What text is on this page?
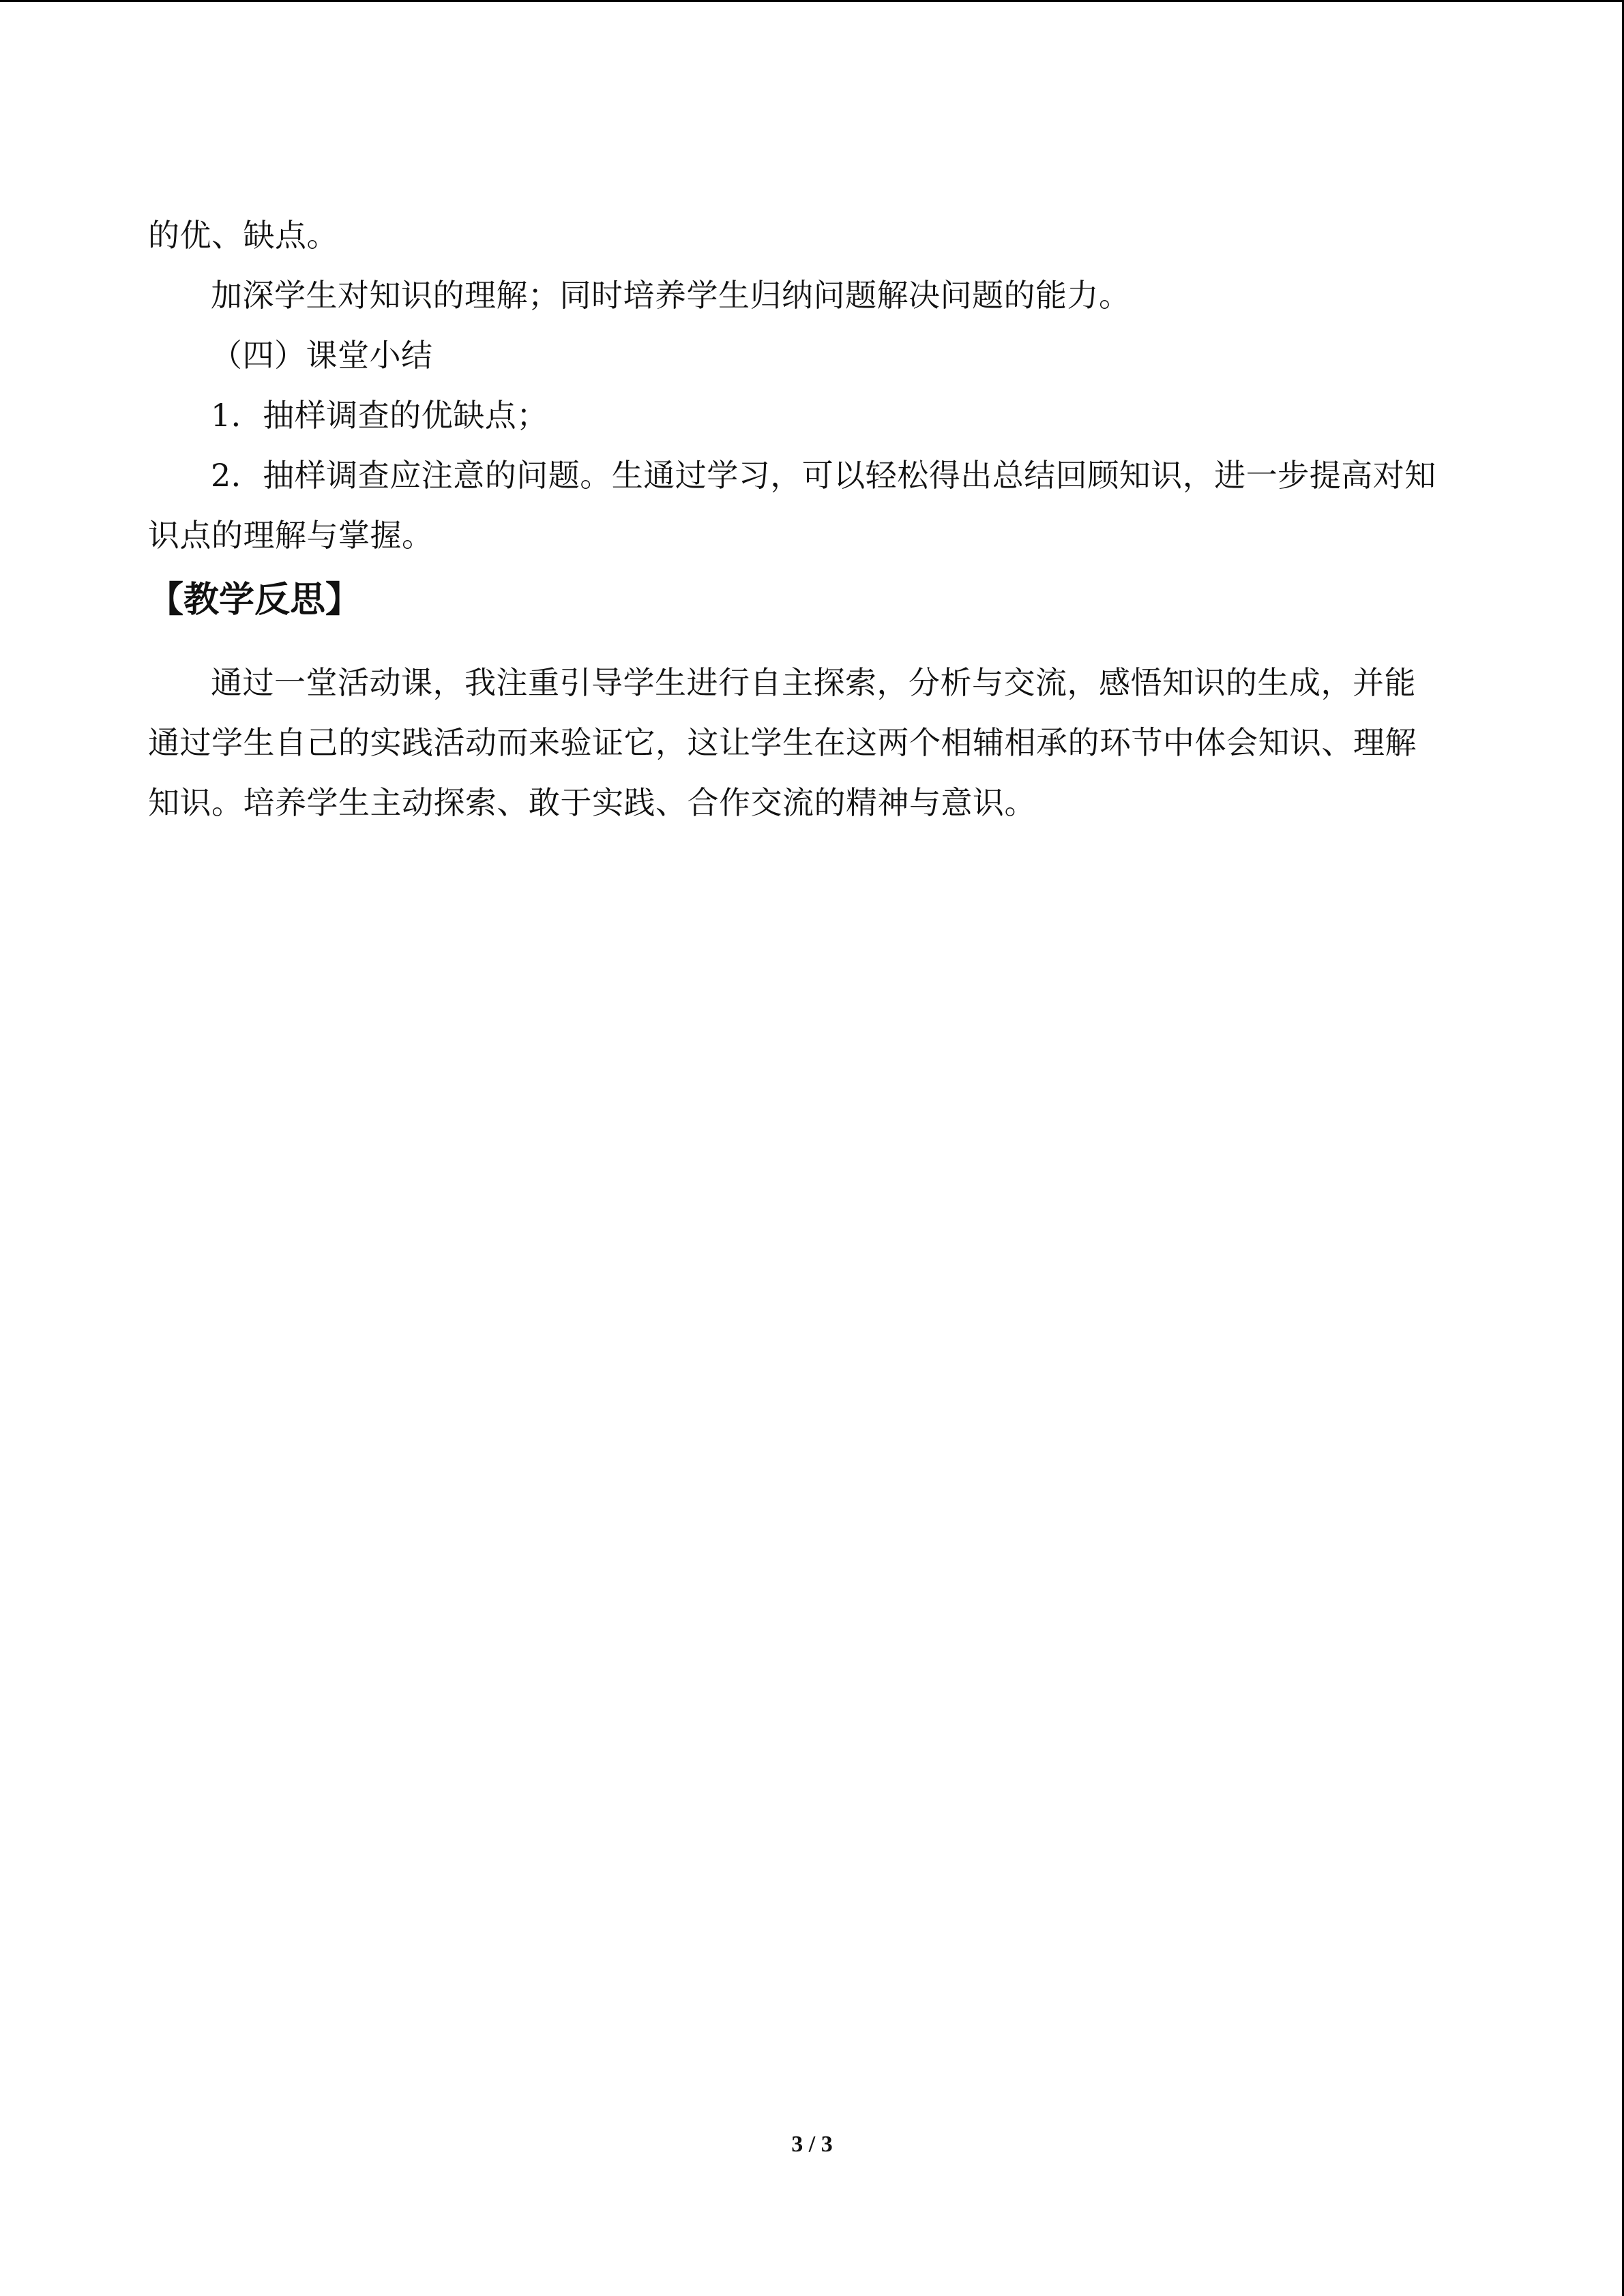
的优、缺点。
加深学生对知识的理解；同时培养学生归纳问题解决问题的能力。
（四）课堂小结
1．抽样调查的优缺点；
2．抽样调查应注意的问题。生通过学习，可以轻松得出总结回顾知识，进一步提高对知
识点的理解与掌握。
【教学反思】
通过一堂活动课，我注重引导学生进行自主探索，分析与交流，感悟知识的生成，并能
通过学生自己的实践活动而来验证它，这让学生在这两个相辅相承的环节中体会知识、理解
知识。培养学生主动探索、敢于实践、合作交流的精神与意识。
3 / 3
